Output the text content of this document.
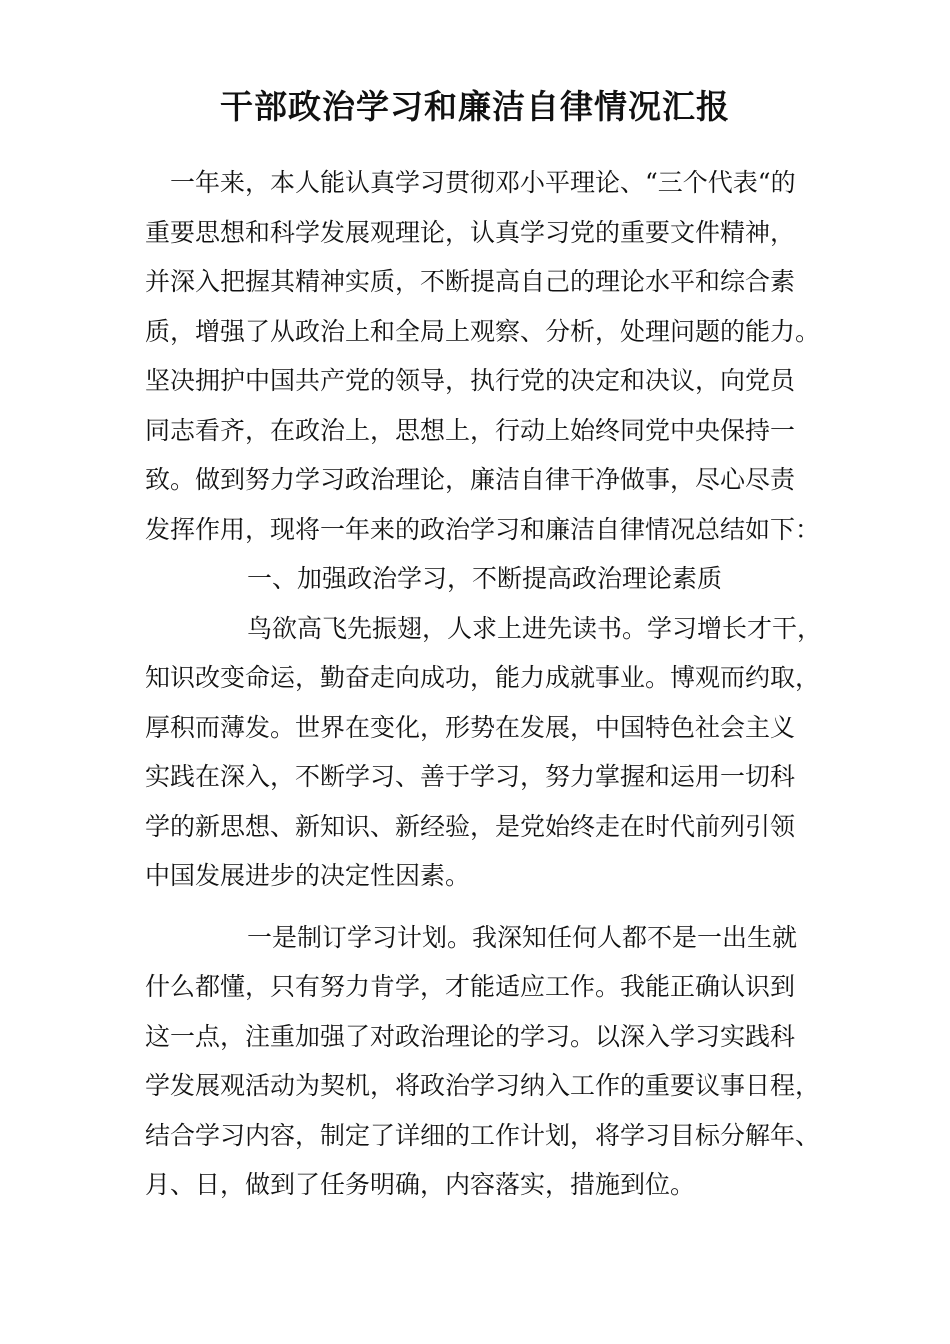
干部政治学习和廉洁自律情况汇报
一年来，本人能认真学习贯彻邓小平理论、“三个代表“的
重要思想和科学发展观理论，认真学习党的重要文件精神，
并深入把握其精神实质，不断提高自己的理论水平和综合素
质，增强了从政治上和全局上观察、分析，处理问题的能力。
坚决拥护中国共产党的领导，执行党的决定和决议，向党员
同志看齐，在政治上，思想上，行动上始终同党中央保持一
致。做到努力学习政治理论，廉洁自律干净做事，尽心尽责
发挥作用，现将一年来的政治学习和廉洁自律情况总结如下：
一、加强政治学习，不断提高政治理论素质
鸟欲高飞先振翅，人求上进先读书。学习增长才干，
知识改变命运，勤奋走向成功，能力成就事业。博观而约取，
厚积而薄发。世界在变化，形势在发展，中国特色社会主义
实践在深入，不断学习、善于学习，努力掌握和运用一切科
学的新思想、新知识、新经验，是党始终走在时代前列引领
中国发展进步的决定性因素。
一是制订学习计划。我深知任何人都不是一出生就
什么都懂，只有努力肯学，才能适应工作。我能正确认识到
这一点，注重加强了对政治理论的学习。以深入学习实践科
学发展观活动为契机，将政治学习纳入工作的重要议事日程，
结合学习内容，制定了详细的工作计划，将学习目标分解年、
月、日，做到了任务明确，内容落实，措施到位。
